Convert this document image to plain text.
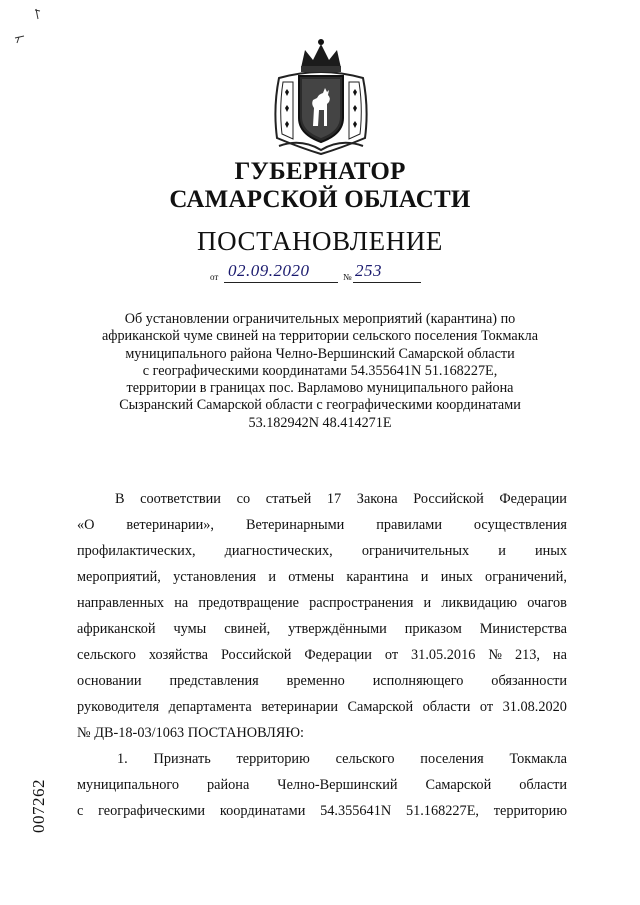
ГУБЕРНАТОР
САМАРСКОЙ ОБЛАСТИ
ПОСТАНОВЛЕНИЕ
от 02.09.2020	№ 253
Об установлении ограничительных мероприятий (карантина) по
африканской чуме свиней на территории сельского поселения Токмакла
муниципального района Челно-Вершинский Самарской области
с географическими координатами 54.355641N 51.168227E,
территории в границах пос. Варламово муниципального района
Сызранский Самарской области с географическими координатами
53.182942N 48.414271E
В соответствии со статьей 17 Закона Российской Федерации
«О ветеринарии», Ветеринарными правилами осуществления
профилактических, диагностических, ограничительных и иных
мероприятий, установления и отмены карантина и иных ограничений,
направленных на предотвращение распространения и ликвидацию очагов
африканской чумы свиней, утверждёнными приказом Министерства
сельского хозяйства Российской Федерации от 31.05.2016 № 213, на
основании представления временно исполняющего обязанности
руководителя департамента ветеринарии Самарской области от 31.08.2020
№ ДВ-18-03/1063 ПОСТАНОВЛЯЮ:
1. Признать территорию сельского поселения Токмакла
муниципального района Челно-Вершинский Самарской области
с географическими координатами 54.355641N 51.168227E, территорию
007262
